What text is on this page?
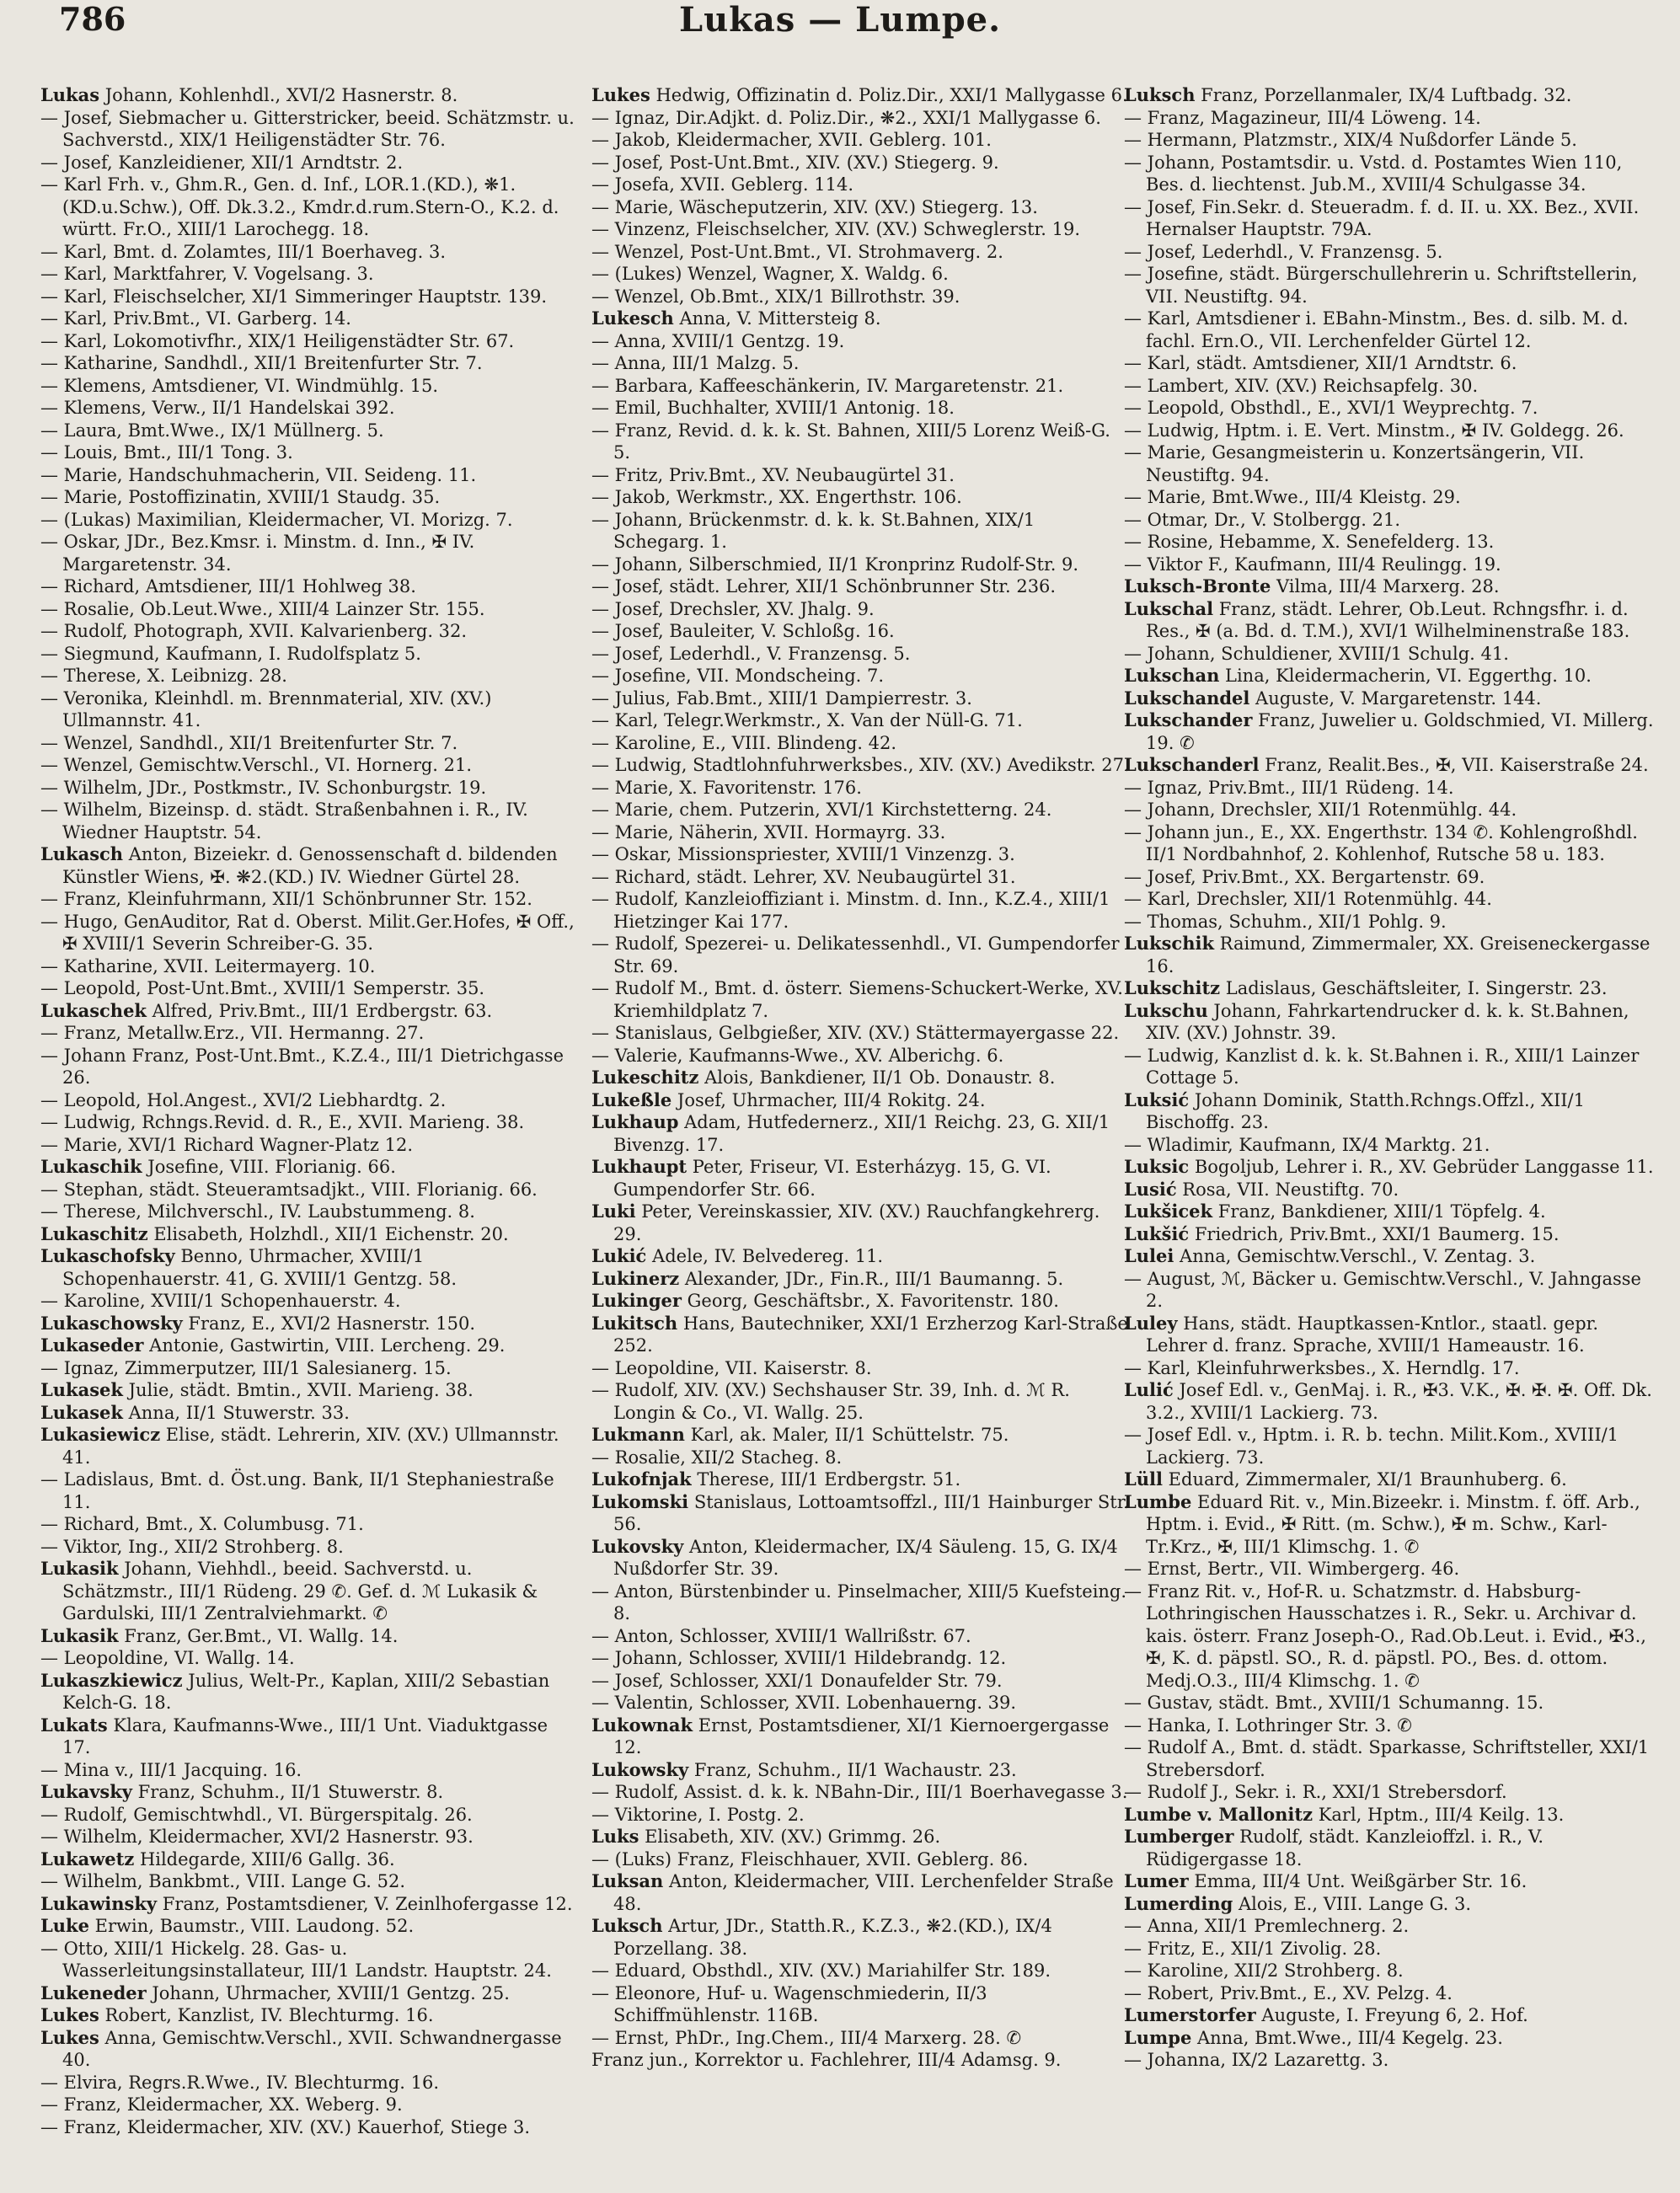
786	Lukas — Lumpe.

Lukas Johann, Kohlenhdl., XVI/2 Hasnerstr. 8.

— Josef, Siebmacher u. Gitterstricker, beeid. Schätzmstr. u. Sachverstd., XIX/1 Heiligenstädter Str. 76.

— Josef, Kanzleidiener, XII/1 Arndtstr. 2.

— Karl Frh. v., Ghm.R., Gen. d. Inf., LOR.1.(KD.), ❋1.(KD.u.Schw.), Off. Dk.3.2., Kmdr.d.rum.Stern-O., K.2. d. württ. Fr.O., XIII/1 Larochegg. 18.

— Karl, Bmt. d. Zolamtes, III/1 Boerhaveg. 3.

— Karl, Marktfahrer, V. Vogelsang. 3.

— Karl, Fleischselcher, XI/1 Simmeringer Hauptstr. 139.

— Karl, Priv.Bmt., VI. Garberg. 14.

— Karl, Lokomotivfhr., XIX/1 Heiligenstädter Str. 67.

— Katharine, Sandhdl., XII/1 Breitenfurter Str. 7.

— Klemens, Amtsdiener, VI. Windmühlg. 15.

— Klemens, Verw., II/1 Handelskai 392.

— Laura, Bmt.Wwe., IX/1 Müllnerg. 5.

— Louis, Bmt., III/1 Tong. 3.

— Marie, Handschuhmacherin, VII. Seideng. 11.

— Marie, Postoffizinatin, XVIII/1 Staudg. 35.

— (Lukas) Maximilian, Kleidermacher, VI. Morizg. 7.

— Oskar, JDr., Bez.Kmsr. i. Minstm. d. Inn., ✠ IV. Margaretenstr. 34.

— Richard, Amtsdiener, III/1 Hohlweg 38.

— Rosalie, Ob.Leut.Wwe., XIII/4 Lainzer Str. 155.

— Rudolf, Photograph, XVII. Kalvarienberg. 32.

— Siegmund, Kaufmann, I. Rudolfsplatz 5.

— Therese, X. Leibnizg. 28.

— Veronika, Kleinhdl. m. Brennmaterial, XIV. (XV.) Ullmannstr. 41.

— Wenzel, Sandhdl., XII/1 Breitenfurter Str. 7.

— Wenzel, Gemischtw.Verschl., VI. Hornerg. 21.

— Wilhelm, JDr., Postkmstr., IV. Schonburgstr. 19.

— Wilhelm, Bizeinsp. d. städt. Straßenbahnen i. R., IV. Wiedner Hauptstr. 54.

Lukasch Anton, Bizeiekr. d. Genossenschaft d. bildenden Künstler Wiens, ✠. ❋2.(KD.) IV. Wiedner Gürtel 28.

— Franz, Kleinfuhrmann, XII/1 Schönbrunner Str. 152.

— Hugo, GenAuditor, Rat d. Oberst. Milit.Ger.Hofes, ✠ Off., ✠ XVIII/1 Severin Schreiber-G. 35.

— Katharine, XVII. Leitermayerg. 10.

— Leopold, Post-Unt.Bmt., XVIII/1 Semperstr. 35.

Lukaschek Alfred, Priv.Bmt., III/1 Erdbergstr. 63.

— Franz, Metallw.Erz., VII. Hermanng. 27.

— Johann Franz, Post-Unt.Bmt., K.Z.4., III/1 Dietrichgasse 26.

— Leopold, Hol.Angest., XVI/2 Liebhardtg. 2.

— Ludwig, Rchngs.Revid. d. R., E., XVII. Marieng. 38.

— Marie, XVI/1 Richard Wagner-Platz 12.

Lukaschik Josefine, VIII. Florianig. 66.

— Stephan, städt. Steueramtsadjkt., VIII. Florianig. 66.

— Therese, Milchverschl., IV. Laubstummeng. 8.

Lukaschitz Elisabeth, Holzhdl., XII/1 Eichenstr. 20.

Lukaschofsky Benno, Uhrmacher, XVIII/1 Schopenhauerstr. 41, G. XVIII/1 Gentzg. 58.

— Karoline, XVIII/1 Schopenhauerstr. 4.

Lukaschowsky Franz, E., XVI/2 Hasnerstr. 150.

Lukaseder Antonie, Gastwirtin, VIII. Lercheng. 29.

— Ignaz, Zimmerputzer, III/1 Salesianerg. 15.

Lukasek Julie, städt. Bmtin., XVII. Marieng. 38.

Lukasek Anna, II/1 Stuwerstr. 33.

Lukasiewicz Elise, städt. Lehrerin, XIV. (XV.) Ullmannstr. 41.

— Ladislaus, Bmt. d. Öst.ung. Bank, II/1 Stephaniestraße 11.

— Richard, Bmt., X. Columbusg. 71.

— Viktor, Ing., XII/2 Strohberg. 8.

Lukasik Johann, Viehhdl., beeid. Sachverstd. u. Schätzmstr., III/1 Rüdeng. 29 ✆. Gef. d. ℳ Lukasik & Gardulski, III/1 Zentralviehmarkt. ✆

Lukasik Franz, Ger.Bmt., VI. Wallg. 14.

— Leopoldine, VI. Wallg. 14.

Lukaszkiewicz Julius, Welt-Pr., Kaplan, XIII/2 Sebastian Kelch-G. 18.

Lukats Klara, Kaufmanns-Wwe., III/1 Unt. Viaduktgasse 17.

— Mina v., III/1 Jacquing. 16.

Lukavsky Franz, Schuhm., II/1 Stuwerstr. 8.

— Rudolf, Gemischtwhdl., VI. Bürgerspitalg. 26.

— Wilhelm, Kleidermacher, XVI/2 Hasnerstr. 93.

Lukawetz Hildegarde, XIII/6 Gallg. 36.

— Wilhelm, Bankbmt., VIII. Lange G. 52.

Lukawinsky Franz, Postamtsdiener, V. Zeinlhofergasse 12.

Luke Erwin, Baumstr., VIII. Laudong. 52.

— Otto, XIII/1 Hickelg. 28. Gas- u. Wasserleitungsinstallateur, III/1 Landstr. Hauptstr. 24.

Lukeneder Johann, Uhrmacher, XVIII/1 Gentzg. 25.

Lukes Robert, Kanzlist, IV. Blechturmg. 16.

Lukes Anna, Gemischtw.Verschl., XVII. Schwandnergasse 40.

— Elvira, Regrs.R.Wwe., IV. Blechturmg. 16.

— Franz, Kleidermacher, XX. Weberg. 9.

— Franz, Kleidermacher, XIV. (XV.) Kauerhof, Stiege 3.

Lukes Hedwig, Offizinatin d. Poliz.Dir., XXI/1 Mallygasse 6.

— Ignaz, Dir.Adjkt. d. Poliz.Dir., ❋2., XXI/1 Mallygasse 6.

— Jakob, Kleidermacher, XVII. Geblerg. 101.

— Josef, Post-Unt.Bmt., XIV. (XV.) Stiegerg. 9.

— Josefa, XVII. Geblerg. 114.

— Marie, Wäscheputzerin, XIV. (XV.) Stiegerg. 13.

— Vinzenz, Fleischselcher, XIV. (XV.) Schweglerstr. 19.

— Wenzel, Post-Unt.Bmt., VI. Strohmaverg. 2.

— (Lukes) Wenzel, Wagner, X. Waldg. 6.

— Wenzel, Ob.Bmt., XIX/1 Billrothstr. 39.

Lukesch Anna, V. Mittersteig 8.

— Anna, XVIII/1 Gentzg. 19.

— Anna, III/1 Malzg. 5.

— Barbara, Kaffeeschänkerin, IV. Margaretenstr. 21.

— Emil, Buchhalter, XVIII/1 Antonig. 18.

— Franz, Revid. d. k. k. St. Bahnen, XIII/5 Lorenz Weiß-G. 5.

— Fritz, Priv.Bmt., XV. Neubaugürtel 31.

— Jakob, Werkmstr., XX. Engerthstr. 106.

— Johann, Brückenmstr. d. k. k. St.Bahnen, XIX/1 Schegarg. 1.

— Johann, Silberschmied, II/1 Kronprinz Rudolf-Str. 9.

— Josef, städt. Lehrer, XII/1 Schönbrunner Str. 236.

— Josef, Drechsler, XV. Jhalg. 9.

— Josef, Bauleiter, V. Schloßg. 16.

— Josef, Lederhdl., V. Franzensg. 5.

— Josefine, VII. Mondscheing. 7.

— Julius, Fab.Bmt., XIII/1 Dampierrestr. 3.

— Karl, Telegr.Werkmstr., X. Van der Nüll-G. 71.

— Karoline, E., VIII. Blindeng. 42.

— Ludwig, Stadtlohnfuhrwerksbes., XIV. (XV.) Avedikstr. 27.

— Marie, X. Favoritenstr. 176.

— Marie, chem. Putzerin, XVI/1 Kirchstetterng. 24.

— Marie, Näherin, XVII. Hormayrg. 33.

— Oskar, Missionspriester, XVIII/1 Vinzenzg. 3.

— Richard, städt. Lehrer, XV. Neubaugürtel 31.

— Rudolf, Kanzleioffiziant i. Minstm. d. Inn., K.Z.4., XIII/1 Hietzinger Kai 177.

— Rudolf, Spezerei- u. Delikatessenhdl., VI. Gumpendorfer Str. 69.

— Rudolf M., Bmt. d. österr. Siemens-Schuckert-Werke, XV. Kriemhildplatz 7.

— Stanislaus, Gelbgießer, XIV. (XV.) Stättermayergasse 22.

— Valerie, Kaufmanns-Wwe., XV. Alberichg. 6.

Lukeschitz Alois, Bankdiener, II/1 Ob. Donaustr. 8.

Lukeßle Josef, Uhrmacher, III/4 Rokitg. 24.

Lukhaup Adam, Hutfedernerz., XII/1 Reichg. 23, G. XII/1 Bivenzg. 17.

Lukhaupt Peter, Friseur, VI. Esterházyg. 15, G. VI. Gumpendorfer Str. 66.

Luki Peter, Vereinskassier, XIV. (XV.) Rauchfangkehrerg. 29.

Lukić Adele, IV. Belvedereg. 11.

Lukinerz Alexander, JDr., Fin.R., III/1 Baumanng. 5.

Lukinger Georg, Geschäftsbr., X. Favoritenstr. 180.

Lukitsch Hans, Bautechniker, XXI/1 Erzherzog Karl-Straße 252.

— Leopoldine, VII. Kaiserstr. 8.

— Rudolf, XIV. (XV.) Sechshauser Str. 39, Inh. d. ℳ R. Longin & Co., VI. Wallg. 25.

Lukmann Karl, ak. Maler, II/1 Schüttelstr. 75.

— Rosalie, XII/2 Stacheg. 8.

Lukofnjak Therese, III/1 Erdbergstr. 51.

Lukomski Stanislaus, Lottoamtsoffzl., III/1 Hainburger Str. 56.

Lukovsky Anton, Kleidermacher, IX/4 Säuleng. 15, G. IX/4 Nußdorfer Str. 39.

— Anton, Bürstenbinder u. Pinselmacher, XIII/5 Kuefsteing. 8.

— Anton, Schlosser, XVIII/1 Wallrißstr. 67.

— Johann, Schlosser, XVIII/1 Hildebrandg. 12.

— Josef, Schlosser, XXI/1 Donaufelder Str. 79.

— Valentin, Schlosser, XVII. Lobenhauerng. 39.

Lukownak Ernst, Postamtsdiener, XI/1 Kiernoergergasse 12.

Lukowsky Franz, Schuhm., II/1 Wachaustr. 23.

— Rudolf, Assist. d. k. k. NBahn-Dir., III/1 Boerhavegasse 3.

— Viktorine, I. Postg. 2.

Luks Elisabeth, XIV. (XV.) Grimmg. 26.

— (Luks) Franz, Fleischhauer, XVII. Geblerg. 86.

Luksan Anton, Kleidermacher, VIII. Lerchenfelder Straße 48.

Luksch Artur, JDr., Statth.R., K.Z.3., ❋2.(KD.), IX/4 Porzellang. 38.

— Eduard, Obsthdl., XIV. (XV.) Mariahilfer Str. 189.

— Eleonore, Huf- u. Wagenschmiederin, II/3 Schiffmühlenstr. 116B.

— Ernst, PhDr., Ing.Chem., III/4 Marxerg. 28. ✆

Franz jun., Korrektor u. Fachlehrer, III/4 Adamsg. 9.

Luksch Franz, Porzellanmaler, IX/4 Luftbadg. 32.

— Franz, Magazineur, III/4 Löweng. 14.

— Hermann, Platzmstr., XIX/4 Nußdorfer Lände 5.

— Johann, Postamtsdir. u. Vstd. d. Postamtes Wien 110, Bes. d. liechtenst. Jub.M., XVIII/4 Schulgasse 34.

— Josef, Fin.Sekr. d. Steueradm. f. d. II. u. XX. Bez., XVII. Hernalser Hauptstr. 79A.

— Josef, Lederhdl., V. Franzensg. 5.

— Josefine, städt. Bürgerschullehrerin u. Schriftstellerin, VII. Neustiftg. 94.

— Karl, Amtsdiener i. EBahn-Minstm., Bes. d. silb. M. d. fachl. Ern.O., VII. Lerchenfelder Gürtel 12.

— Karl, städt. Amtsdiener, XII/1 Arndtstr. 6.

— Lambert, XIV. (XV.) Reichsapfelg. 30.

— Leopold, Obsthdl., E., XVI/1 Weyprechtg. 7.

— Ludwig, Hptm. i. E. Vert. Minstm., ✠ IV. Goldegg. 26.

— Marie, Gesangmeisterin u. Konzertsängerin, VII. Neustiftg. 94.

— Marie, Bmt.Wwe., III/4 Kleistg. 29.

— Otmar, Dr., V. Stolbergg. 21.

— Rosine, Hebamme, X. Senefelderg. 13.

— Viktor F., Kaufmann, III/4 Reulingg. 19.

Luksch-Bronte Vilma, III/4 Marxerg. 28.

Lukschal Franz, städt. Lehrer, Ob.Leut. Rchngsfhr. i. d. Res., ✠ (a. Bd. d. T.M.), XVI/1 Wilhelminenstraße 183.

— Johann, Schuldiener, XVIII/1 Schulg. 41.

Lukschan Lina, Kleidermacherin, VI. Eggerthg. 10.

Lukschandel Auguste, V. Margaretenstr. 144.

Lukschander Franz, Juwelier u. Goldschmied, VI. Millerg. 19. ✆

Lukschanderl Franz, Realit.Bes., ✠, VII. Kaiserstraße 24.

— Ignaz, Priv.Bmt., III/1 Rüdeng. 14.

— Johann, Drechsler, XII/1 Rotenmühlg. 44.

— Johann jun., E., XX. Engerthstr. 134 ✆. Kohlengroßhdl. II/1 Nordbahnhof, 2. Kohlenhof, Rutsche 58 u. 183.

— Josef, Priv.Bmt., XX. Bergartenstr. 69.

— Karl, Drechsler, XII/1 Rotenmühlg. 44.

— Thomas, Schuhm., XII/1 Pohlg. 9.

Lukschik Raimund, Zimmermaler, XX. Greiseneckergasse 16.

Lukschitz Ladislaus, Geschäftsleiter, I. Singerstr. 23.

Lukschu Johann, Fahrkartendrucker d. k. k. St.Bahnen, XIV. (XV.) Johnstr. 39.

— Ludwig, Kanzlist d. k. k. St.Bahnen i. R., XIII/1 Lainzer Cottage 5.

Luksić Johann Dominik, Statth.Rchngs.Offzl., XII/1 Bischoffg. 23.

— Wladimir, Kaufmann, IX/4 Marktg. 21.

Luksic Bogoljub, Lehrer i. R., XV. Gebrüder Langgasse 11.

Lusić Rosa, VII. Neustiftg. 70.

Lukšicek Franz, Bankdiener, XIII/1 Töpfelg. 4.

Lukšić Friedrich, Priv.Bmt., XXI/1 Baumerg. 15.

Lulei Anna, Gemischtw.Verschl., V. Zentag. 3.

— August, ℳ, Bäcker u. Gemischtw.Verschl., V. Jahngasse 2.

Luley Hans, städt. Hauptkassen-Kntlor., staatl. gepr. Lehrer d. franz. Sprache, XVIII/1 Hameaustr. 16.

— Karl, Kleinfuhrwerksbes., X. Herndlg. 17.

Lulić Josef Edl. v., GenMaj. i. R., ✠3. V.K., ✠. ✠. ✠. Off. Dk. 3.2., XVIII/1 Lackierg. 73.

— Josef Edl. v., Hptm. i. R. b. techn. Milit.Kom., XVIII/1 Lackierg. 73.

Lüll Eduard, Zimmermaler, XI/1 Braunhuberg. 6.

Lumbe Eduard Rit. v., Min.Bizeekr. i. Minstm. f. öff. Arb., Hptm. i. Evid., ✠ Ritt. (m. Schw.), ✠ m. Schw., Karl-Tr.Krz., ✠, III/1 Klimschg. 1. ✆

— Ernst, Bertr., VII. Wimbergerg. 46.

— Franz Rit. v., Hof-R. u. Schatzmstr. d. Habsburg-Lothringischen Hausschatzes i. R., Sekr. u. Archivar d. kais. österr. Franz Joseph-O., Rad.Ob.Leut. i. Evid., ✠3., ✠, K. d. päpstl. SO., R. d. päpstl. PO., Bes. d. ottom. Medj.O.3., III/4 Klimschg. 1. ✆

— Gustav, städt. Bmt., XVIII/1 Schumanng. 15.

— Hanka, I. Lothringer Str. 3. ✆

— Rudolf A., Bmt. d. städt. Sparkasse, Schriftsteller, XXI/1 Strebersdorf.

— Rudolf J., Sekr. i. R., XXI/1 Strebersdorf.

Lumbe v. Mallonitz Karl, Hptm., III/4 Keilg. 13.

Lumberger Rudolf, städt. Kanzleioffzl. i. R., V. Rüdigergasse 18.

Lumer Emma, III/4 Unt. Weißgärber Str. 16.

Lumerding Alois, E., VIII. Lange G. 3.

— Anna, XII/1 Premlechnerg. 2.

— Fritz, E., XII/1 Zivolig. 28.

— Karoline, XII/2 Strohberg. 8.

— Robert, Priv.Bmt., E., XV. Pelzg. 4.

Lumerstorfer Auguste, I. Freyung 6, 2. Hof.

Lumpe Anna, Bmt.Wwe., III/4 Kegelg. 23.

— Johanna, IX/2 Lazarettg. 3.
